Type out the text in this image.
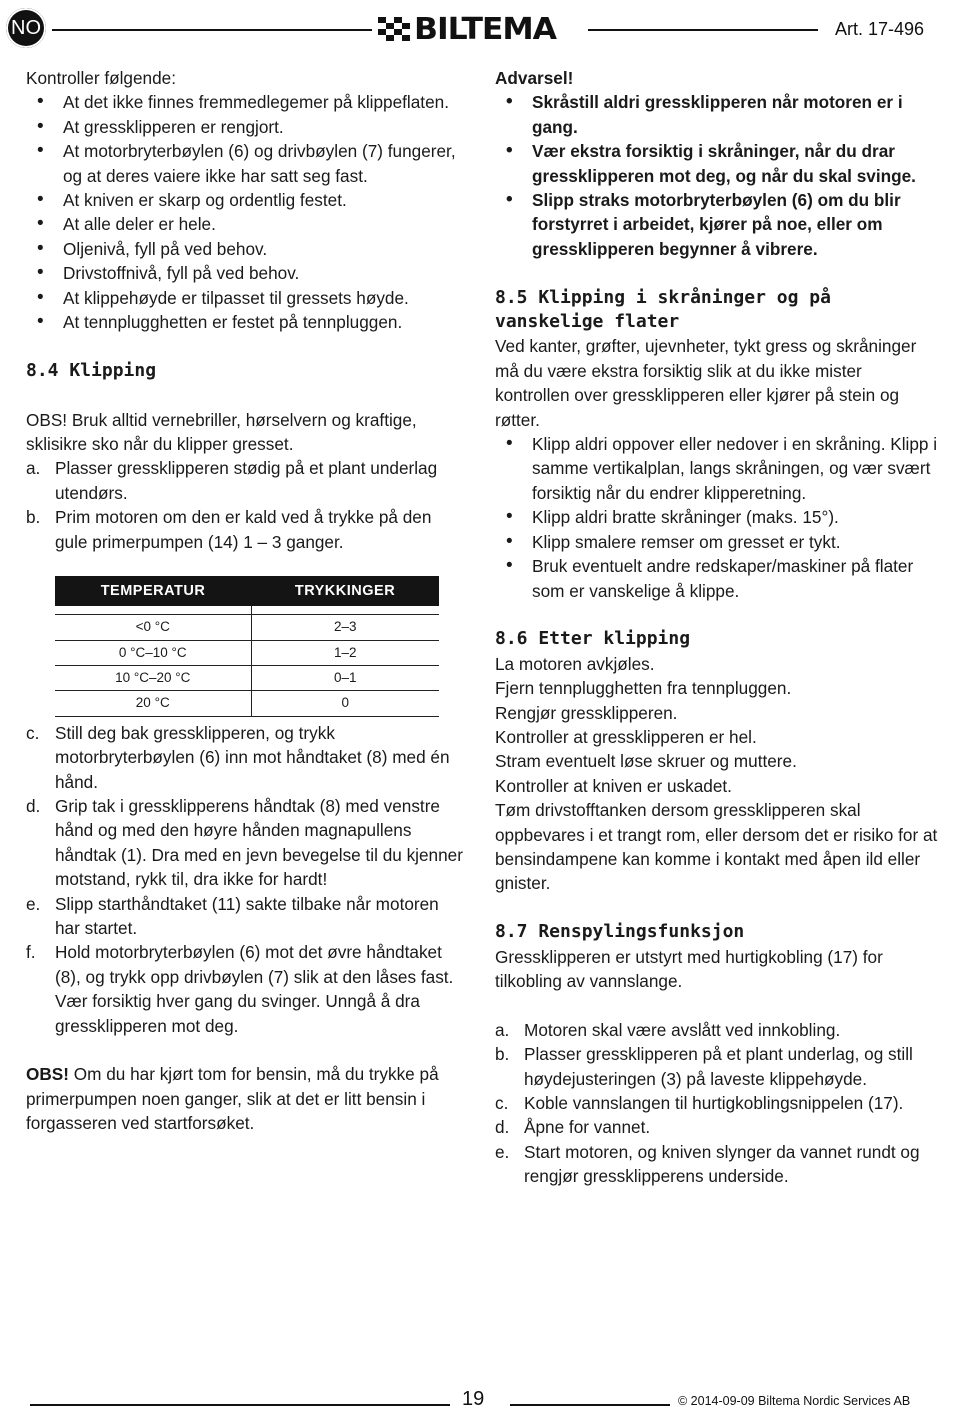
NO	BILTEMA	Art. 17-496

Kontroller følgende:

• At det ikke finnes fremmedlegemer på klippeflaten.
• At gressklipperen er rengjort.
• At motorbryterbøylen (6) og drivbøylen (7) fungerer, og at deres vaiere ikke har satt seg fast.
• At kniven er skarp og ordentlig festet.
• At alle deler er hele.
• Oljenivå, fyll på ved behov.
• Drivstoffnivå, fyll på ved behov.
• At klippehøyde er tilpasset til gressets høyde.
• At tennplugghetten er festet på tennpluggen.

8.4 Klipping

OBS! Bruk alltid vernebriller, hørselvern og kraftige, sklisikre sko når du klipper gresset.

a. Plasser gressklipperen stødig på et plant underlag utendørs.
b. Prim motoren om den er kald ved å trykke på den gule primerpumpen (14) 1 – 3 ganger.
TEMPERATUR	TRYKKINGER

<0 °C	2–3
0 °C–10 °C	1–2
10 °C–20 °C	0–1
20 °C	0
c. Still deg bak gressklipperen, og trykk motorbryterbøylen (6) inn mot håndtaket (8) med én hånd.
d. Grip tak i gressklipperens håndtak (8) med venstre hånd og med den høyre hånden magnapullens håndtak (1). Dra med en jevn bevegelse til du kjenner motstand, rykk til, dra ikke for hardt!
e. Slipp starthåndtaket (11) sakte tilbake når motoren har startet.
f. Hold motorbryterbøylen (6) mot det øvre håndtaket (8), og trykk opp drivbøylen (7) slik at den låses fast. Vær forsiktig hver gang du svinger. Unngå å dra gressklipperen mot deg.

OBS! Om du har kjørt tom for bensin, må du trykke på primerpumpen noen ganger, slik at det er litt bensin i forgasseren ved startforsøket.

Advarsel!

• Skråstill aldri gressklipperen når motoren er i gang.
• Vær ekstra forsiktig i skråninger, når du drar gressklipperen mot deg, og når du skal svinge.
• Slipp straks motorbryterbøylen (6) om du blir forstyrret i arbeidet, kjører på noe, eller om gressklipperen begynner å vibrere.

8.5 Klipping i skråninger og på vanskelige flater

Ved kanter, grøfter, ujevnheter, tykt gress og skråninger må du være ekstra forsiktig slik at du ikke mister kontrollen over gressklipperen eller kjører på stein og røtter.

• Klipp aldri oppover eller nedover i en skråning. Klipp i samme vertikalplan, langs skråningen, og vær svært forsiktig når du endrer klipperetning.
• Klipp aldri bratte skråninger (maks. 15°).
• Klipp smalere remser om gresset er tykt.
• Bruk eventuelt andre redskaper/maskiner på flater som er vanskelige å klippe.

8.6 Etter klipping

La motoren avkjøles.

Fjern tennplugghetten fra tennpluggen.

Rengjør gressklipperen.

Kontroller at gressklipperen er hel.

Stram eventuelt løse skruer og muttere.

Kontroller at kniven er uskadet.

Tøm drivstofftanken dersom gressklipperen skal oppbevares i et trangt rom, eller dersom det er risiko for at bensindampene kan komme i kontakt med åpen ild eller gnister.

8.7 Renspylingsfunksjon

Gressklipperen er utstyrt med hurtigkobling (17) for tilkobling av vannslange.

a. Motoren skal være avslått ved innkobling.
b. Plasser gressklipperen på et plant underlag, og still høydejusteringen (3) på laveste klippehøyde.
c. Koble vannslangen til hurtigkoblingsnippelen (17).
d. Åpne for vannet.
e. Start motoren, og kniven slynger da vannet rundt og rengjør gressklipperens underside.
19	© 2014-09-09 Biltema Nordic Services AB
